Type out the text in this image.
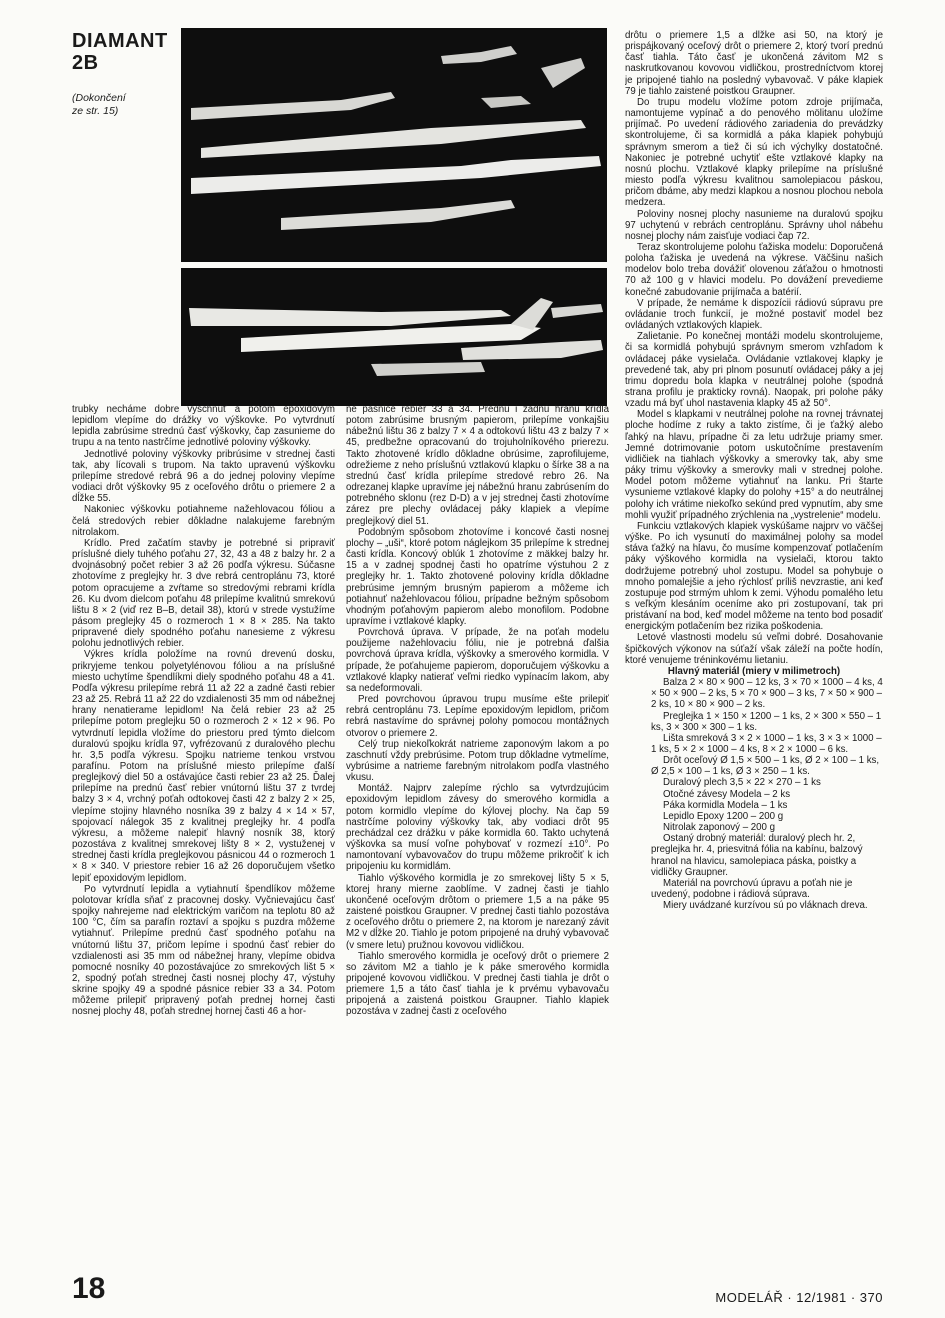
DIAMANT
2B
(Dokončení
ze str. 15)

trubky necháme dobre vyschnúť a potom epoxidovým lepidlom vlepíme do drážky vo výškovke. Po vytvrdnutí lepidla zabrúsime strednú časť výškovky, čap zasunieme do trupu a na tento nastrčíme jednotlivé poloviny výškovky.

Jednotlivé poloviny výškovky pribrúsime v strednej časti tak, aby lícovali s trupom. Na takto upravenú výškovku prilepíme stredové rebrá 96 a do jednej poloviny vlepíme vodiaci drôt výškovky 95 z oceľového drôtu o priemere 2 a dĺžke 55.

Nakoniec výškovku potiahneme nažehlovacou fóliou a čelá stredových rebier dôkladne nalakujeme farebným nitrolakom.

Krídlo. Pred začatím stavby je potrebné si pripraviť príslušné diely tuhého poťahu 27, 32, 43 a 48 z balzy hr. 2 a dvojnásobný počet rebier 3 až 26 podľa výkresu. Súčasne zhotovíme z preglejky hr. 3 dve rebrá centroplánu 73, ktoré potom opracujeme a zvŕtame so stredovými rebrami krídla 26. Ku dvom dielcom poťahu 48 prilepíme kvalitnú smrekovú lištu 8 × 2 (viď rez B–B, detail 38), ktorú v strede vystužíme pásom preglejky 45 o rozmeroch 1 × 8 × 285. Na takto pripravené diely spodného poťahu nanesieme z výkresu polohu jednotlivých rebier.

Výkres krídla položíme na rovnú drevenú dosku, prikryjeme tenkou polyetylénovou fóliou a na príslušné miesto uchytíme špendlíkmi diely spodného poťahu 48 a 41. Podľa výkresu prilepíme rebrá 11 až 22 a zadné časti rebier 23 až 25. Rebrá 11 až 22 do vzdialenosti 35 mm od nábežnej hrany nenatieramе lepidlom! Na čelá rebier 23 až 25 prilepíme potom preglejku 50 o rozmeroch 2 × 12 × 96. Po vytvrdnutí lepidla vložíme do priestoru pred týmto dielcom duralovú spojku krídla 97, vyfrézovanú z duralového plechu hr. 3,5 podľa výkresu. Spojku natrieme tenkou vrstvou parafínu. Potom na príslušné miesto prilepíme ďalší preglejkový diel 50 a ostávajúce časti rebier 23 až 25. Ďalej prilepíme na prednú časť rebier vnútornú lištu 37 z tvrdej balzy 3 × 4, vrchný poťah odtokovej časti 42 z balzy 2 × 25, vlepíme stojiny hlavného nosníka 39 z balzy 4 × 14 × 57, spojovací nálegok 35 z kvalitnej preglejky hr. 4 podľa výkresu, a môžeme nalepiť hlavný nosník 38, ktorý pozostáva z kvalitnej smrekovej lišty 8 × 2, vystuženej v strednej časti krídla preglejkovou pásnicou 44 o rozmeroch 1 × 8 × 340. V priestore rebier 16 až 26 doporučujem všetko lepiť epoxidovým lepidlom.

Po vytvrdnutí lepidla a vytiahnutí špendlíkov môžeme polotovar krídla sňať z pracovnej dosky. Vyčnievajúcu časť spojky nahrejeme nad elektrickým varičom na teplotu 80 až 100 °C, čím sa parafín roztaví a spojku s puzdra môžeme vytiahnuť. Prilepíme prednú časť spodného poťahu na vnútornú lištu 37, pričom lepíme i spodnú časť rebier do vzdialenosti asi 35 mm od nábežnej hrany, vlepíme obidva pomocné nosníky 40 pozostávajúce zo smrekových lišt 5 × 2, spodný poťah strednej časti nosnej plochy 47, výstuhy skrine spojky 49 a spodné pásnice rebier 33 a 34. Potom môžeme prilepiť pripravený poťah prednej hornej časti nosnej plochy 48, poťah strednej hornej časti 46 a hor-

né pásnice rebier 33 a 34. Prednú i zadnú hranu krídla potom zabrúsime brusným papierom, prilepíme vonkajšiu nábežnú lištu 36 z balzy 7 × 4 a odtokovú lištu 43 z balzy 7 × 45, predbežne opracovanú do trojuholníkového prierezu. Takto zhotovené krídlo dôkladne obrúsime, zaprofilujeme, odrežieme z neho príslušnú vztlakovú klapku o šírke 38 a na strednú časť krídla prilepíme stredové rebro 26. Na odrezanej klapke upravíme jej nábežnú hranu zabrúsením do potrebného sklonu (rez D-D) a v jej strednej časti zhotovíme zárez pre plechy ovládacej páky klapiek a vlepíme preglejkový diel 51.

Podobným spôsobom zhotovíme i koncové časti nosnej plochy – „uši“, ktoré potom nágleјkom 35 prilepíme k strednej časti krídla. Koncový oblúk 1 zhotovíme z mäkkej balzy hr. 15 a v zadnej spodnej časti ho opatríme výstuhou 2 z preglejky hr. 1. Takto zhotovené poloviny krídla dôkladne prebrúsime jemným brusným papierom a môžeme ich potiahnuť nažehlovacou fóliou, prípadne bežným spôsobom vhodným poťahovým papierom alebo monofilom. Podobne upravíme i vztlakové klapky.

Povrchová úprava. V prípade, že na poťah modelu použijeme nažehlovaciu fóliu, nie je potrebná ďalšia povrchová úprava krídla, výškovky a smerového kormidla. V prípade, že poťahujeme papierom, doporučujem výškovku a vztlakové klapky natierať veľmi riedko vypínacím lakom, aby sa nedeformovali.

Pred povrchovou úpravou trupu musíme ešte prilepiť rebrá centroplánu 73. Lepíme epoxidovým lepidlom, pričom rebrá nastavíme do správnej polohy pomocou montážnych otvorov o priemere 2.

Celý trup niekoľkokrát natrieme zaponovým lakom a po zaschnutí vždy prebrúsime. Potom trup dôkladne vytmelíme, vybrúsime a natrieme farebným nitrolakom podľa vlastného vkusu.

Montáž. Najprv zalepíme rýchlo sa vytvrdzujúcim epoxidovým lepidlom závesy do smerového kormidla a potom kormidlo vlepíme do kýlovej plochy. Na čap 59 nastrčíme poloviny výškovky tak, aby vodiaci drôt 95 prechádzal cez drážku v páke kormidla 60. Takto uchytená výškovka sa musí voľne pohybovať v rozmezí ±10°. Po namontovaní vybavovačov do trupu môžeme prikročiť k ich pripojeniu ku kormidlám.

Tiahlo výškového kormidla je zo smrekovej lišty 5 × 5, ktorej hrany mierne zaoblíme. V zadnej časti je tiahlo ukončené oceľovým drôtom o priemere 1,5 a na páke 95 zaistené poistkou Graupner. V prednej časti tiahlo pozostáva z oceľového drôtu o priemere 2, na ktorom je narezaný závit M2 v dĺžke 20. Tiahlo je potom pripojené na druhý vybavovač (v smere letu) pružnou kovovou vidličkou.

Tiahlo smerového kormidla je oceľový drôt o priemere 2 so závitom M2 a tiahlo je k páke smerového kormidla pripojené kovovou vidličkou. V prednej časti tiahla je drôt o priemere 1,5 a táto časť tiahla je k prvému vybavovaču pripojená a zaistená poistkou Graupner. Tiahlo klapiek pozostáva v zadnej časti z oceľového

drôtu o priemere 1,5 a dĺžke asi 50, na ktorý je prispájkovaný oceľový drôt o priemere 2, ktorý tvorí prednú časť tiahla. Táto časť je ukončená závitom M2 s naskrutkovanou kovovou vidličkou, prostredníctvom ktorej je pripojené tiahlo na posledný vybavovač. V páke klapiek 79 je tiahlo zaistené poistkou Graupner.

Do trupu modelu vložíme potom zdroje prijímača, namontujeme vypínač a do penového mölitanu uložíme prijímač. Po uvedení rádiového zariadenia do prevádzky skontrolujeme, či sa kormidlá a páka klapiek pohybujú správnym smerom a tiež či sú ich výchylky dostatočné. Nakoniec je potrebné uchytiť ešte vztlakové klapky na nosnú plochu. Vztlakové klapky prilepíme na príslušné miesto podľa výkresu kvalitnou samolepiacou páskou, pričom dbáme, aby medzi klapkou a nosnou plochou nebola medzera.

Poloviny nosnej plochy nasunieme na duralovú spojku 97 uchytenú v rebrách centroplánu. Správny uhol nábehu nosnej plochy nám zaisťuje vodiaci čap 72.

Teraz skontrolujeme polohu ťažiska modelu: Doporučená poloha ťažiska je uvedená na výkrese. Väčšinu našich modelov bolo treba dovážiť olovenou záťažou o hmotnosti 70 až 100 g v hlavici modelu. Po dovážení prevedieme konečné zabudovanie prijímača a batérií.

V prípade, že nemáme k dispozícii rádiovú súpravu pre ovládanie troch funkcií, je možné postaviť model bez ovládaných vztlakových klapiek.

Zalietanie. Po konečnej montáži modelu skontrolujeme, či sa kormidlá pohybujú správnym smerom vzhľadom k ovládacej páke vysielača. Ovládanie vztlakovej klapky je prevedené tak, aby pri plnom posunutí ovládacej páky a jej trimu dopredu bola klapka v neutrálnej polohe (spodná strana profilu je prakticky rovná). Naopak, pri polohe páky vzadu má byť uhol nastavenia klapky 45 až 50°.

Model s klapkami v neutrálnej polohe na rovnej trávnatej ploche hodíme z ruky a takto zistíme, či je ťažký alebo ľahký na hlavu, prípadne či za letu udržuje priamy smer. Jemné dotrimovanie potom uskutočníme prestavením vidličiek na tiahlach výškovky a smerovky tak, aby sme páky trimu výškovky a smerovky mali v strednej polohe. Model potom môžeme vytiahnuť na lanku. Pri štarte vysunieme vztlakové klapky do polohy +15° a do neutrálnej polohy ich vrátime niekoľko sekúnd pred vypnutím, aby sme mohli využiť prípadného zrýchlenia na „vystrelenie“ modelu.

Funkciu vztlakových klapiek vyskúšame najprv vo väčšej výške. Po ich vysunutí do maximálnej polohy sa model stáva ťažký na hlavu, čo musíme kompenzovať potlačením páky výškového kormidla na vysielači, ktorou takto dodržujeme potrebný uhol zostupu. Model sa pohybuje o mnoho pomalejšie a jeho rýchlosť príliš nevzrastie, ani keď zostupuje pod strmým uhlom k zemi. Výhodu pomalého letu s veľkým klesáním oceníme ako pri zostupovaní, tak pri pristávaní na bod, keď model môžeme na tento bod posadiť energickým potlačením bez rizika poškodenia.

Letové vlastnosti modelu sú veľmi dobré. Dosahovanie špičkových výkonov na súťaží však záleží na počte hodín, ktoré venujeme tréninkovému lietaniu.

Hlavný materiál (miery v milimetroch)

Balza 2 × 80 × 900 – 12 ks, 3 × 70 × 1000 – 4 ks, 4 × 50 × 900 – 2 ks, 5 × 70 × 900 – 3 ks, 7 × 50 × 900 – 2 ks, 10 × 80 × 900 – 2 ks.

Preglejka 1 × 150 × 1200 – 1 ks, 2 × 300 × 550 – 1 ks, 3 × 300 × 300 – 1 ks.

Lišta smreková 3 × 2 × 1000 – 1 ks, 3 × 3 × 1000 – 1 ks, 5 × 2 × 1000 – 4 ks, 8 × 2 × 1000 – 6 ks.

Drôt oceľový Ø 1,5 × 500 – 1 ks, Ø 2 × 100 – 1 ks, Ø 2,5 × 100 – 1 ks, Ø 3 × 250 – 1 ks.

Duralový plech 3,5 × 22 × 270 – 1 ks

Otočné závesy Modela – 2 ks

Páka kormidla Modela – 1 ks

Lepidlo Epoxy 1200 – 200 g

Nitrolak zaponový – 200 g

Ostaný drobný materiál: duralový plech hr. 2, preglejka hr. 4, priesvitná fólia na kabínu, balzový hranol na hlavicu, samolepiaca páska, poistky a vidličky Graupner.

Materiál na povrchovú úpravu a poťah nie je uvedený, podobne i rádiová súprava.

Miery uvádzané kurzívou sú po vláknach dreva.

18	MODELÁŘ · 12/1981 · 370
